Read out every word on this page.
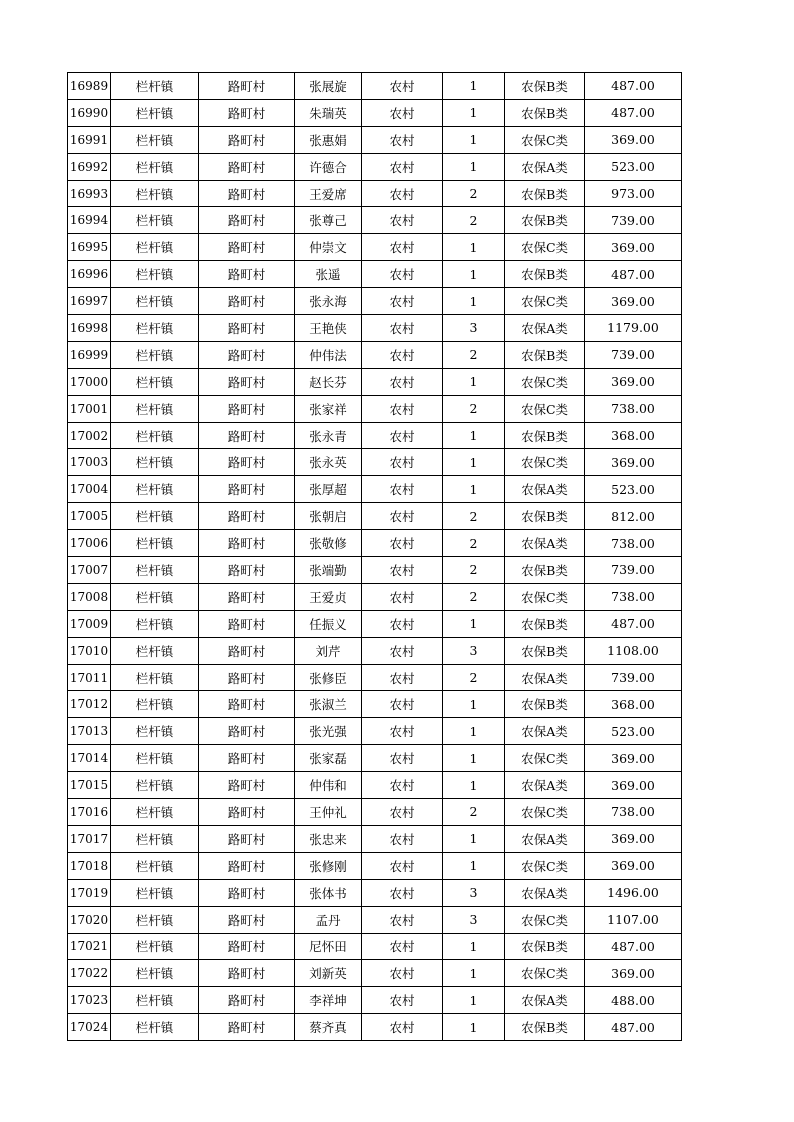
16989	栏杆镇	路町村	张展旋	农村	1	农保B类	487.00
16990	栏杆镇	路町村	朱瑞英	农村	1	农保B类	487.00
16991	栏杆镇	路町村	张惠娟	农村	1	农保C类	369.00
16992	栏杆镇	路町村	许德合	农村	1	农保A类	523.00
16993	栏杆镇	路町村	王爱席	农村	2	农保B类	973.00
16994	栏杆镇	路町村	张尊己	农村	2	农保B类	739.00
16995	栏杆镇	路町村	仲崇文	农村	1	农保C类	369.00
16996	栏杆镇	路町村	张遥	农村	1	农保B类	487.00
16997	栏杆镇	路町村	张永海	农村	1	农保C类	369.00
16998	栏杆镇	路町村	王艳侠	农村	3	农保A类	1179.00
16999	栏杆镇	路町村	仲伟法	农村	2	农保B类	739.00
17000	栏杆镇	路町村	赵长芬	农村	1	农保C类	369.00
17001	栏杆镇	路町村	张家祥	农村	2	农保C类	738.00
17002	栏杆镇	路町村	张永青	农村	1	农保B类	368.00
17003	栏杆镇	路町村	张永英	农村	1	农保C类	369.00
17004	栏杆镇	路町村	张厚超	农村	1	农保A类	523.00
17005	栏杆镇	路町村	张朝启	农村	2	农保B类	812.00
17006	栏杆镇	路町村	张敬修	农村	2	农保A类	738.00
17007	栏杆镇	路町村	张端勤	农村	2	农保B类	739.00
17008	栏杆镇	路町村	王爱贞	农村	2	农保C类	738.00
17009	栏杆镇	路町村	任振义	农村	1	农保B类	487.00
17010	栏杆镇	路町村	刘芹	农村	3	农保B类	1108.00
17011	栏杆镇	路町村	张修臣	农村	2	农保A类	739.00
17012	栏杆镇	路町村	张淑兰	农村	1	农保B类	368.00
17013	栏杆镇	路町村	张光强	农村	1	农保A类	523.00
17014	栏杆镇	路町村	张家磊	农村	1	农保C类	369.00
17015	栏杆镇	路町村	仲伟和	农村	1	农保A类	369.00
17016	栏杆镇	路町村	王仲礼	农村	2	农保C类	738.00
17017	栏杆镇	路町村	张忠来	农村	1	农保A类	369.00
17018	栏杆镇	路町村	张修刚	农村	1	农保C类	369.00
17019	栏杆镇	路町村	张体书	农村	3	农保A类	1496.00
17020	栏杆镇	路町村	孟丹	农村	3	农保C类	1107.00
17021	栏杆镇	路町村	尼怀田	农村	1	农保B类	487.00
17022	栏杆镇	路町村	刘新英	农村	1	农保C类	369.00
17023	栏杆镇	路町村	李祥坤	农村	1	农保A类	488.00
17024	栏杆镇	路町村	蔡齐真	农村	1	农保B类	487.00
